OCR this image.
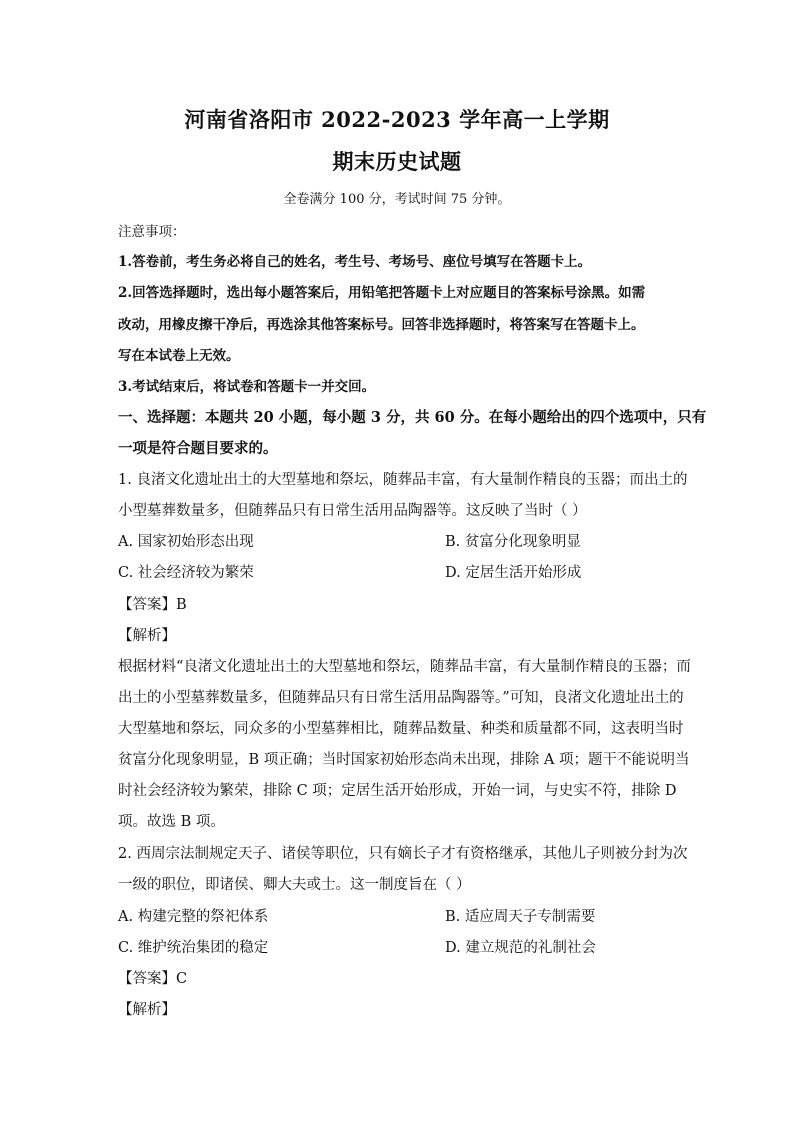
河南省洛阳市 2022-2023 学年高一上学期
期末历史试题
全卷满分 100 分，考试时间 75 分钟。
注意事项：
1.答卷前，考生务必将自己的姓名，考生号、考场号、座位号填写在答题卡上。
2.回答选择题时，选出每小题答案后，用铅笔把答题卡上对应题目的答案标号涂黑。如需
改动，用橡皮擦干净后，再选涂其他答案标号。回答非选择题时，将答案写在答题卡上。
写在本试卷上无效。
3.考试结束后，将试卷和答题卡一并交回。
一、选择题：本题共 20 小题，每小题 3 分，共 60 分。在每小题给出的四个选项中，只有
一项是符合题目要求的。
1. 良渚文化遗址出土的大型墓地和祭坛，随葬品丰富，有大量制作精良的玉器；而出土的
小型墓葬数量多，但随葬品只有日常生活用品陶器等。这反映了当时（ ）
A. 国家初始形态出现	B. 贫富分化现象明显
C. 社会经济较为繁荣	D. 定居生活开始形成
【答案】B
【解析】
根据材料“良渚文化遗址出土的大型墓地和祭坛，随葬品丰富，有大量制作精良的玉器；而
出土的小型墓葬数量多，但随葬品只有日常生活用品陶器等。”可知，良渚文化遗址出土的
大型墓地和祭坛，同众多的小型墓葬相比，随葬品数量、种类和质量都不同，这表明当时
贫富分化现象明显，B 项正确；当时国家初始形态尚未出现，排除 A 项；题干不能说明当
时社会经济较为繁荣，排除 C 项；定居生活开始形成，开始一词，与史实不符，排除 D
项。故选 B 项。
2. 西周宗法制规定天子、诸侯等职位，只有嫡长子才有资格继承，其他儿子则被分封为次
一级的职位，即诸侯、卿大夫或士。这一制度旨在（ ）
A. 构建完整的祭祀体系	B. 适应周天子专制需要
C. 维护统治集团的稳定	D. 建立规范的礼制社会
【答案】C
【解析】
